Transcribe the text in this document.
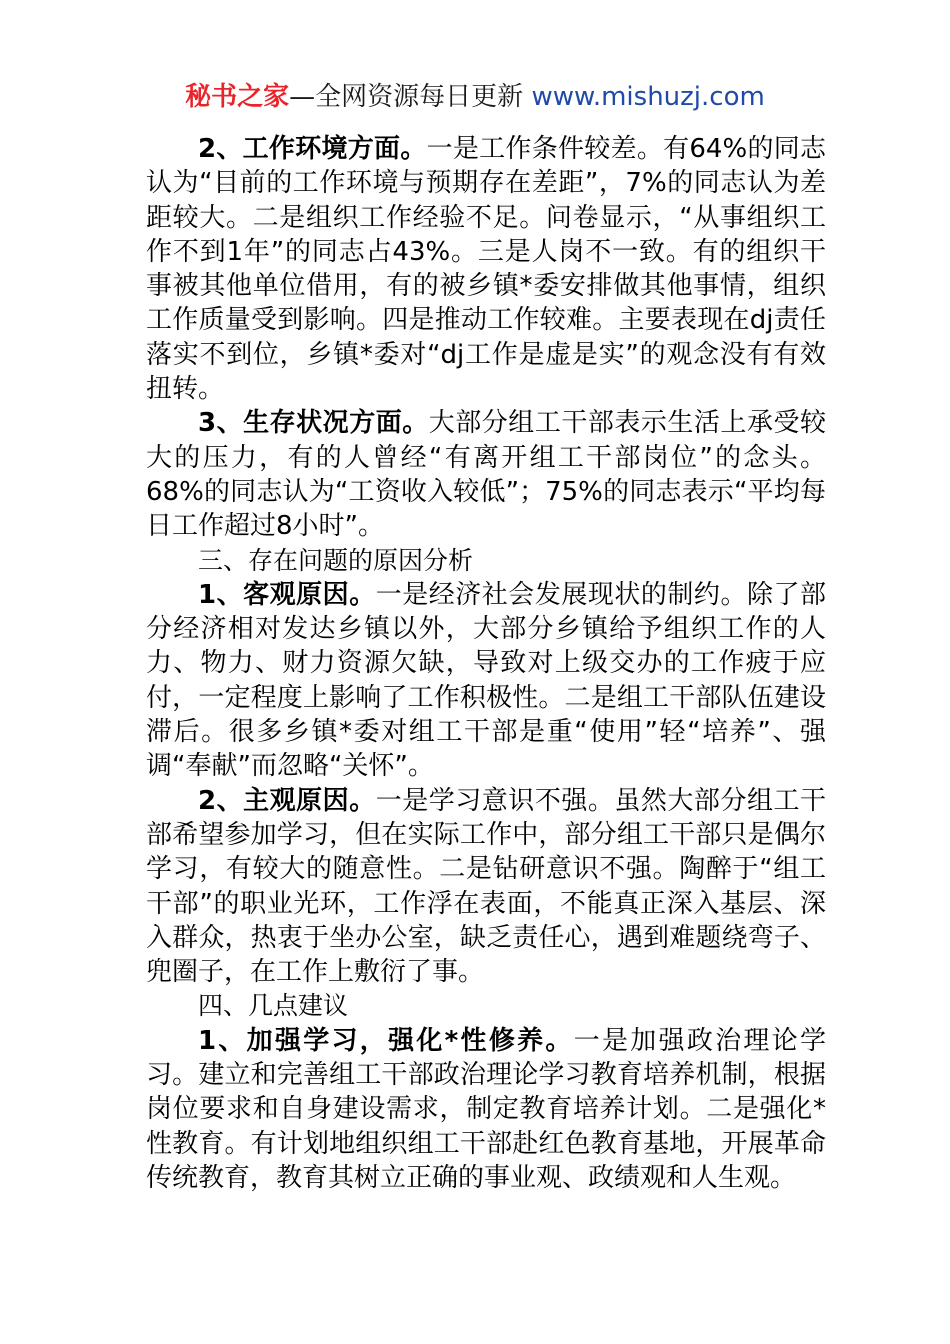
秘书之家—全网资源每日更新 www.mishuzj.com

2、工作环境方面。一是工作条件较差。有64%的同志认为“目前的工作环境与预期存在差距”，7%的同志认为差距较大。二是组织工作经验不足。问卷显示，“从事组织工作不到1年”的同志占43%。三是人岗不一致。有的组织干事被其他单位借用，有的被乡镇*委安排做其他事情，组织工作质量受到影响。四是推动工作较难。主要表现在dj责任落实不到位，乡镇*委对“dj工作是虚是实”的观念没有有效扭转。

3、生存状况方面。大部分组工干部表示生活上承受较大的压力，有的人曾经“有离开组工干部岗位”的念头。68%的同志认为“工资收入较低”；75%的同志表示“平均每日工作超过8小时”。

三、存在问题的原因分析

1、客观原因。一是经济社会发展现状的制约。除了部分经济相对发达乡镇以外，大部分乡镇给予组织工作的人力、物力、财力资源欠缺，导致对上级交办的工作疲于应付，一定程度上影响了工作积极性。二是组工干部队伍建设滞后。很多乡镇*委对组工干部是重“使用”轻“培养”、强调“奉献”而忽略“关怀”。

2、主观原因。一是学习意识不强。虽然大部分组工干部希望参加学习，但在实际工作中，部分组工干部只是偶尔学习，有较大的随意性。二是钻研意识不强。陶醉于“组工干部”的职业光环，工作浮在表面，不能真正深入基层、深入群众，热衷于坐办公室，缺乏责任心，遇到难题绕弯子、兜圈子，在工作上敷衍了事。

四、几点建议

1、加强学习，强化*性修养。一是加强政治理论学习。建立和完善组工干部政治理论学习教育培养机制，根据岗位要求和自身建设需求，制定教育培养计划。二是强化*性教育。有计划地组织组工干部赴红色教育基地，开展革命传统教育，教育其树立正确的事业观、政绩观和人生观。
